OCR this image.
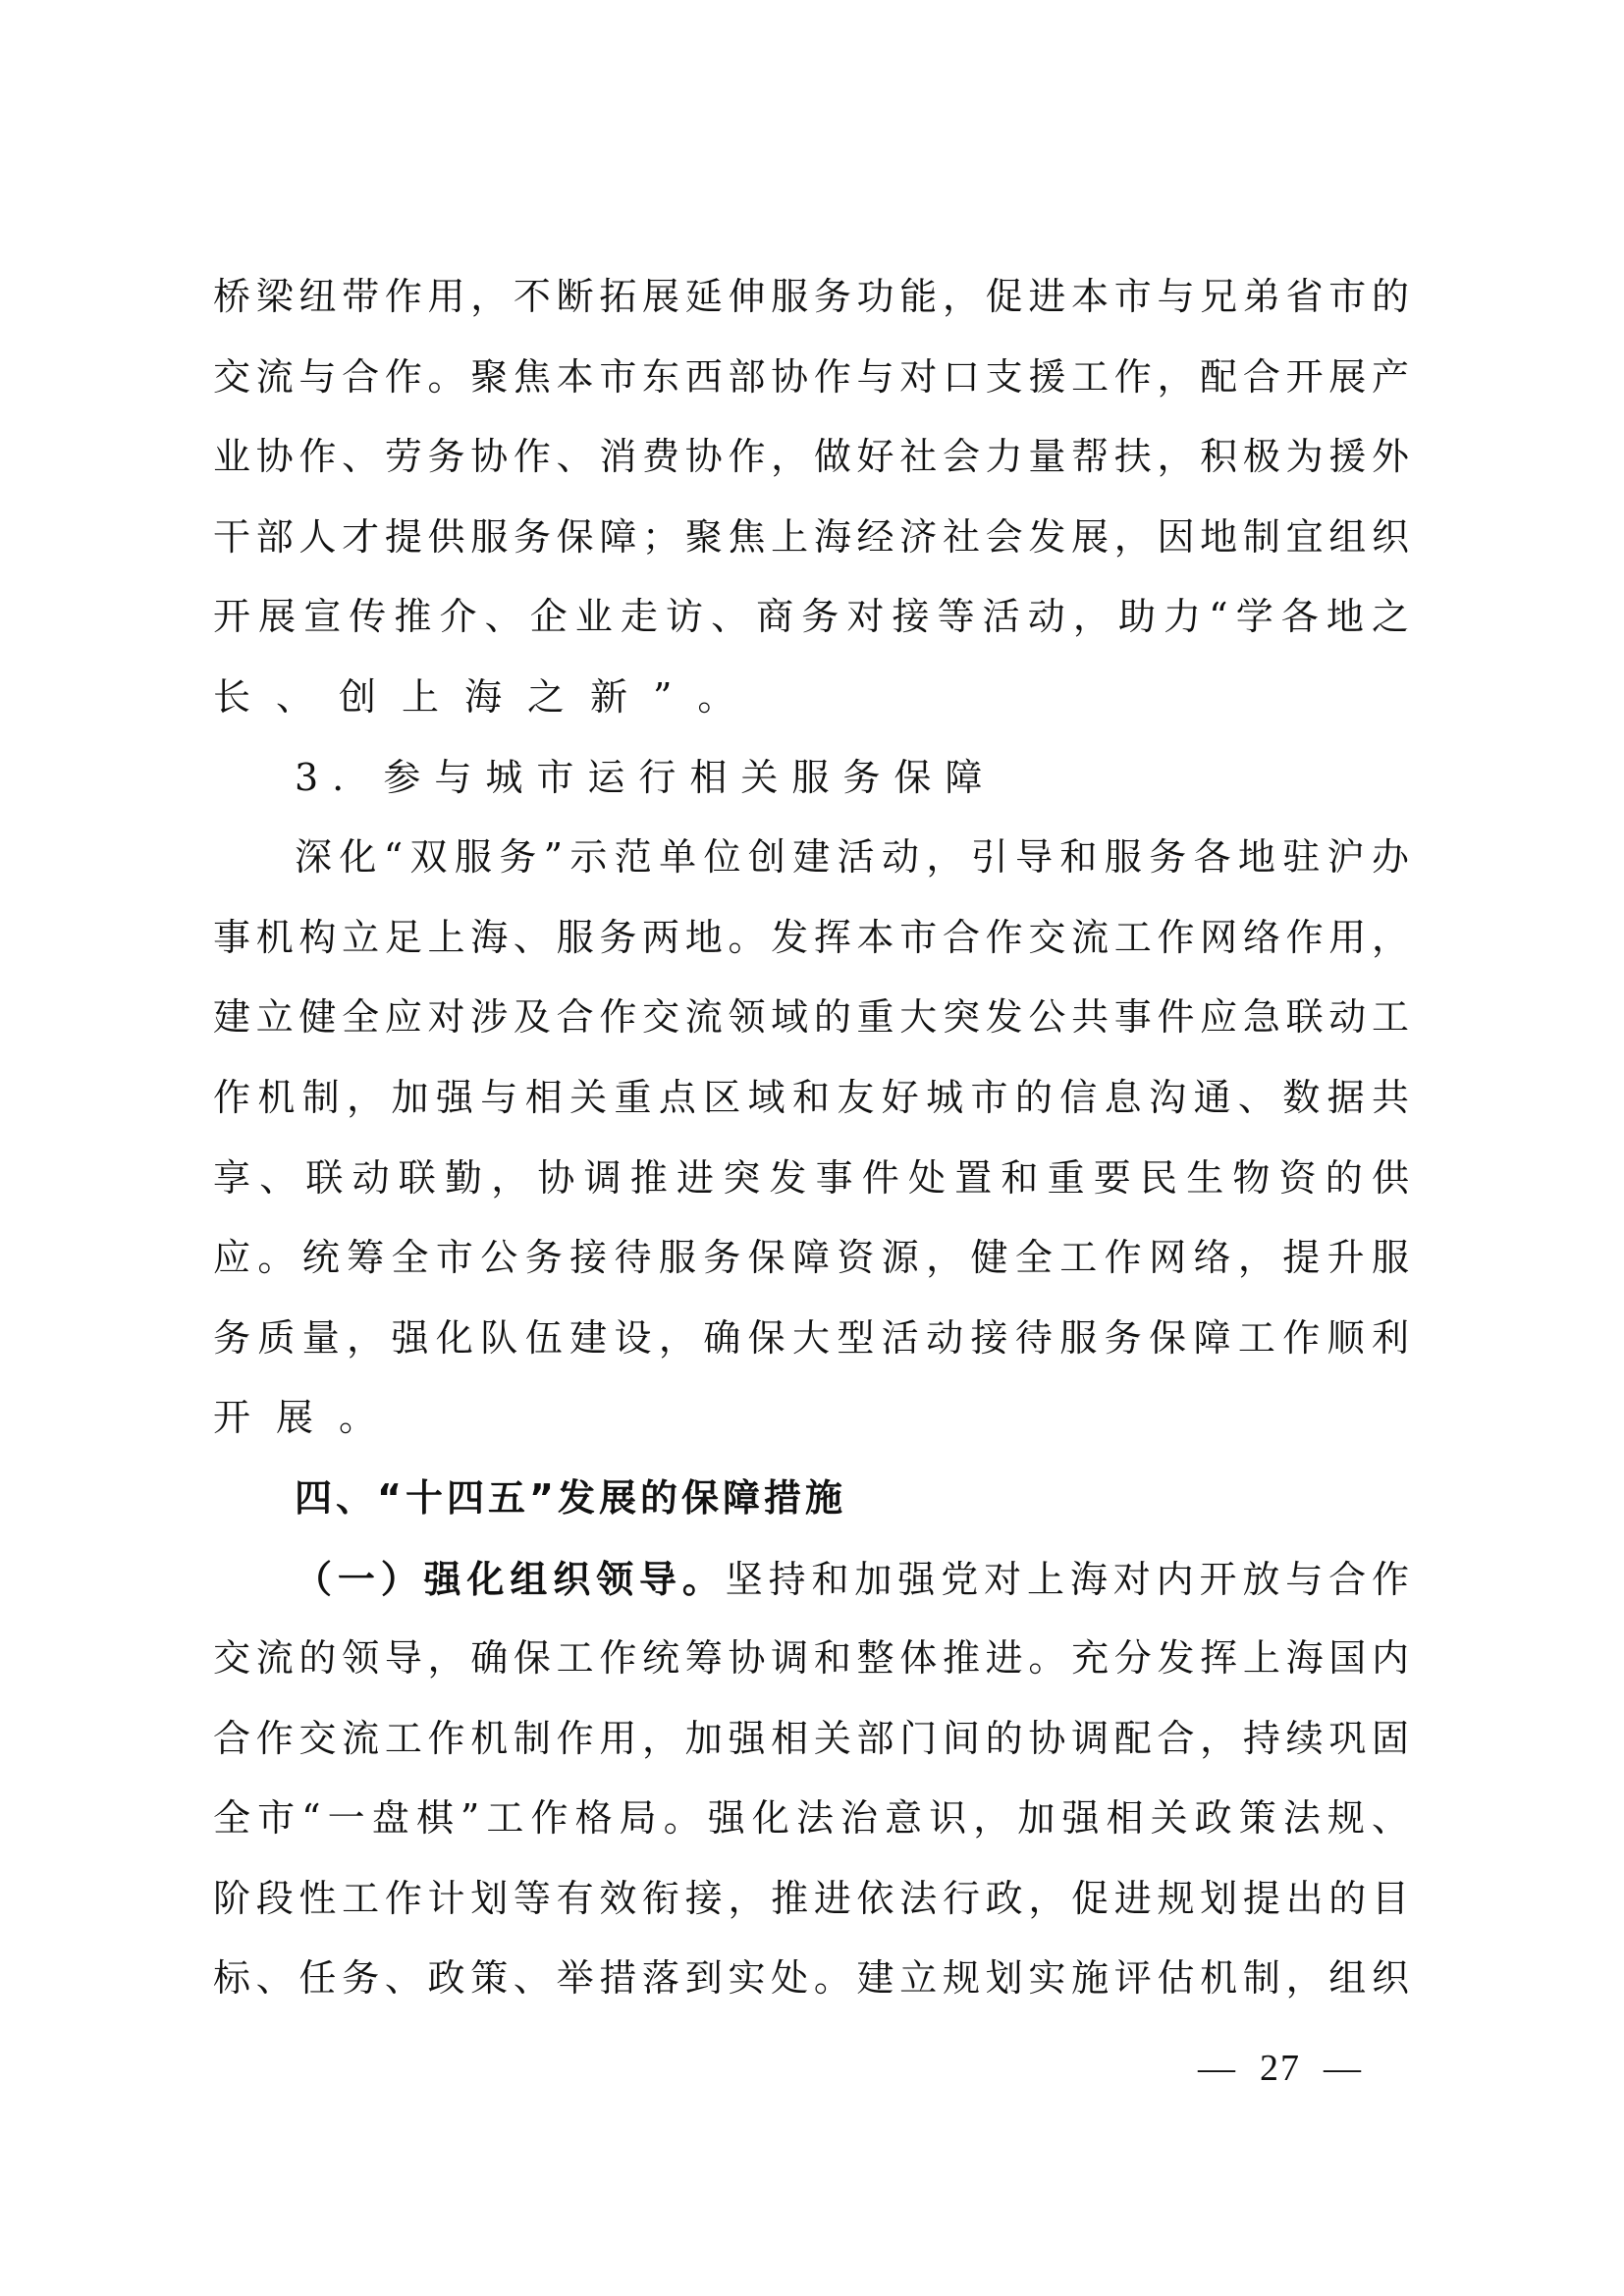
桥梁纽带作用，不断拓展延伸服务功能，促进本市与兄弟省市的
交流与合作。聚焦本市东西部协作与对口支援工作，配合开展产
业协作、劳务协作、消费协作，做好社会力量帮扶，积极为援外
干部人才提供服务保障；聚焦上海经济社会发展，因地制宜组织
开展宣传推介、企业走访、商务对接等活动，助力“学各地之
长、创上海之新”。
3. 参与城市运行相关服务保障
深化“双服务”示范单位创建活动，引导和服务各地驻沪办
事机构立足上海、服务两地。发挥本市合作交流工作网络作用，
建立健全应对涉及合作交流领域的重大突发公共事件应急联动工
作机制，加强与相关重点区域和友好城市的信息沟通、数据共
享、联动联勤，协调推进突发事件处置和重要民生物资的供
应。统筹全市公务接待服务保障资源，健全工作网络，提升服
务质量，强化队伍建设，确保大型活动接待服务保障工作顺利
开展。
四、“十四五”发展的保障措施
（一）强化组织领导。坚持和加强党对上海对内开放与合作
交流的领导，确保工作统筹协调和整体推进。充分发挥上海国内
合作交流工作机制作用，加强相关部门间的协调配合，持续巩固
全市“一盘棋”工作格局。强化法治意识，加强相关政策法规、
阶段性工作计划等有效衔接，推进依法行政，促进规划提出的目
标、任务、政策、举措落到实处。建立规划实施评估机制，组织
—  27  —
